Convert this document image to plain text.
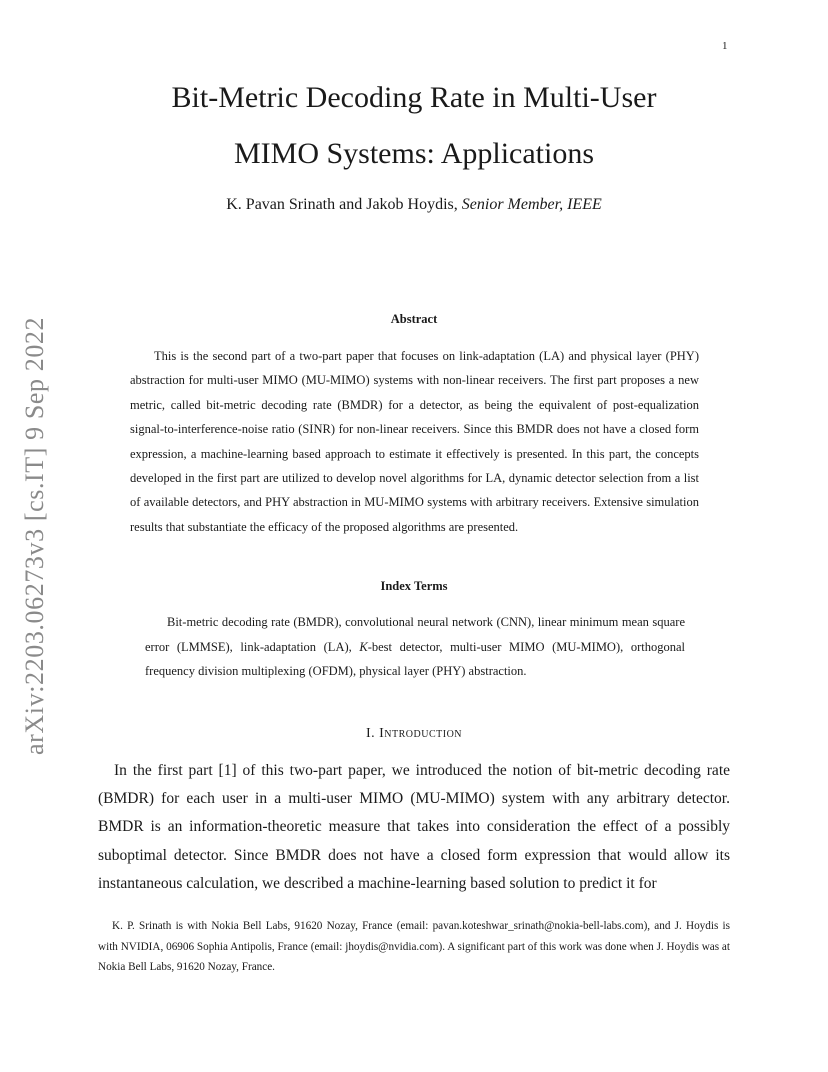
1
Bit-Metric Decoding Rate in Multi-User
MIMO Systems: Applications
K. Pavan Srinath and Jakob Hoydis, Senior Member, IEEE
arXiv:2203.06273v3 [cs.IT] 9 Sep 2022	Abstract

This is the second part of a two-part paper that focuses on link-adaptation (LA) and physical layer (PHY) abstraction for multi-user MIMO (MU-MIMO) systems with non-linear receivers. The first part proposes a new metric, called bit-metric decoding rate (BMDR) for a detector, as being the equivalent of post-equalization signal-to-interference-noise ratio (SINR) for non-linear receivers. Since this BMDR does not have a closed form expression, a machine-learning based approach to estimate it effectively is presented. In this part, the concepts developed in the first part are utilized to develop novel algorithms for LA, dynamic detector selection from a list of available detectors, and PHY abstraction in MU-MIMO systems with arbitrary receivers. Extensive simulation results that substantiate the efficacy of the proposed algorithms are presented.

Index Terms

Bit-metric decoding rate (BMDR), convolutional neural network (CNN), linear minimum mean square error (LMMSE), link-adaptation (LA), K-best detector, multi-user MIMO (MU-MIMO), orthogonal frequency division multiplexing (OFDM), physical layer (PHY) abstraction.

I. Introduction

In the first part [1] of this two-part paper, we introduced the notion of bit-metric decoding rate (BMDR) for each user in a multi-user MIMO (MU-MIMO) system with any arbitrary detector. BMDR is an information-theoretic measure that takes into consideration the effect of a possibly suboptimal detector. Since BMDR does not have a closed form expression that would allow its instantaneous calculation, we described a machine-learning based solution to predict it for

K. P. Srinath is with Nokia Bell Labs, 91620 Nozay, France (email: pavan.koteshwar_srinath@nokia-bell-labs.com), and J. Hoydis is with NVIDIA, 06906 Sophia Antipolis, France (email: jhoydis@nvidia.com). A significant part of this work was done when J. Hoydis was at Nokia Bell Labs, 91620 Nozay, France.
